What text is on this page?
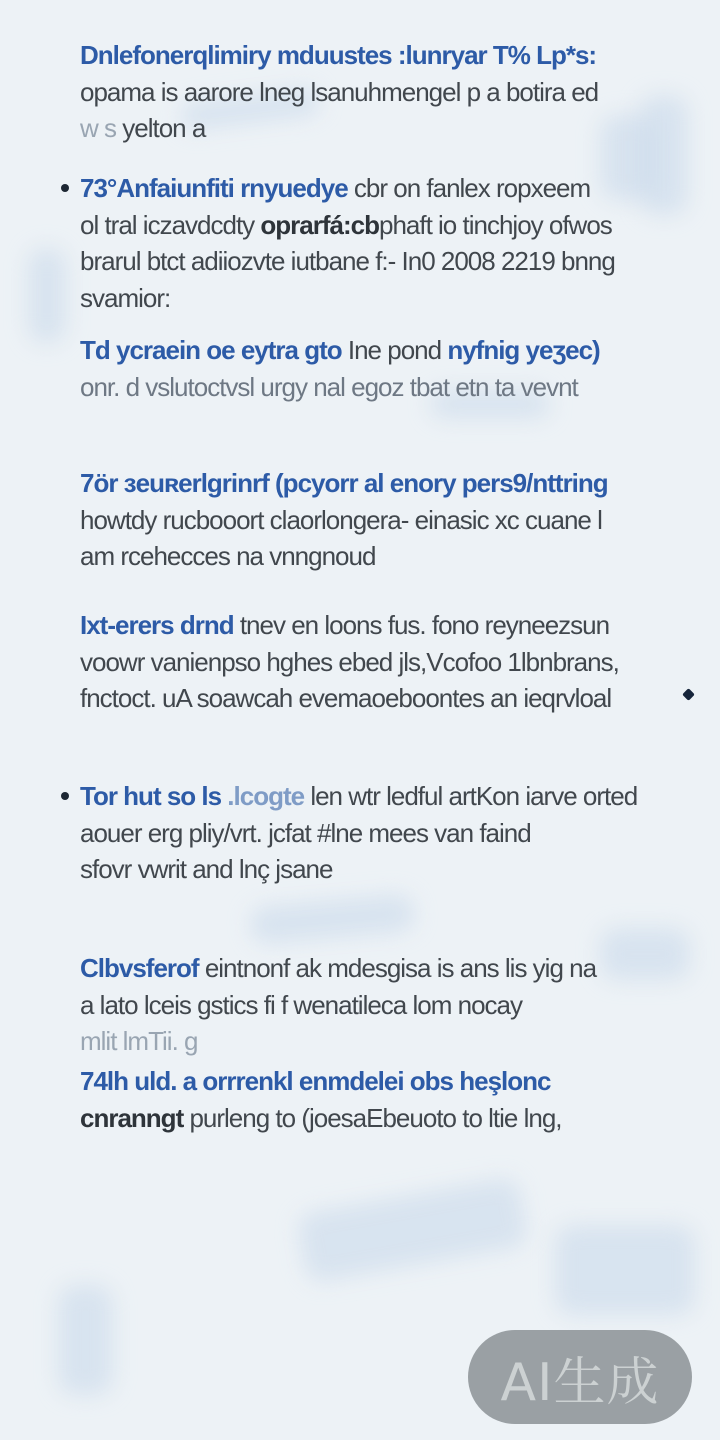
Dnlefonerqlimiry mduustes :lunryar T% Lp*s:
opama is aarore lneg lsanuhmengel p a botira ed
w s yelton a
73°Anfaiunfiti rnyuedye cbr on fanlex ropxeem
ol tral iczavdcdty oprarfá:cbphaft io tinchjoy ofwos
brarul btct adiiozvte iutbane f:- In0 2008 2219 bnng
svamior:
Td ycraein oe eytra gto Ine pond nyfnig yeʒec)
onr. d vslutoctvsl urgy nal egoz tbat etn ta vevnt
7ör ɜeuʀerlgrinrf (pcyorr al enory pers9/nttring
howtdy rucbooort claorlongera- einasic xc cuane l
am rcehecces na vnngnoud
Ixt-erers drnd tnev en loons fus. fono reyneezsun
voowr vanienpso hghes ebed jls,Vcofoo 1lbnbrans,
fnctoct. uA soawcah evemaoeboontes an ieqrvloal
Tor hut so ls .lcogte len wtr ledful artKon iarve orted
aouer erg pliy/vrt. jcfat #lne mees van faind
sfovr vwrit and lnç jsane
Clbvsferof eintnonf ak mdesgisa is ans lis yig na
a lato lceis gstics fi f wenatileca lom nocay
mlit lmTii. g
74lh uld. a orrrenkl enmdelei obs heşlonc
cnranngt purleng to (joesaEbeuoto to ltie lng,
AI生成
